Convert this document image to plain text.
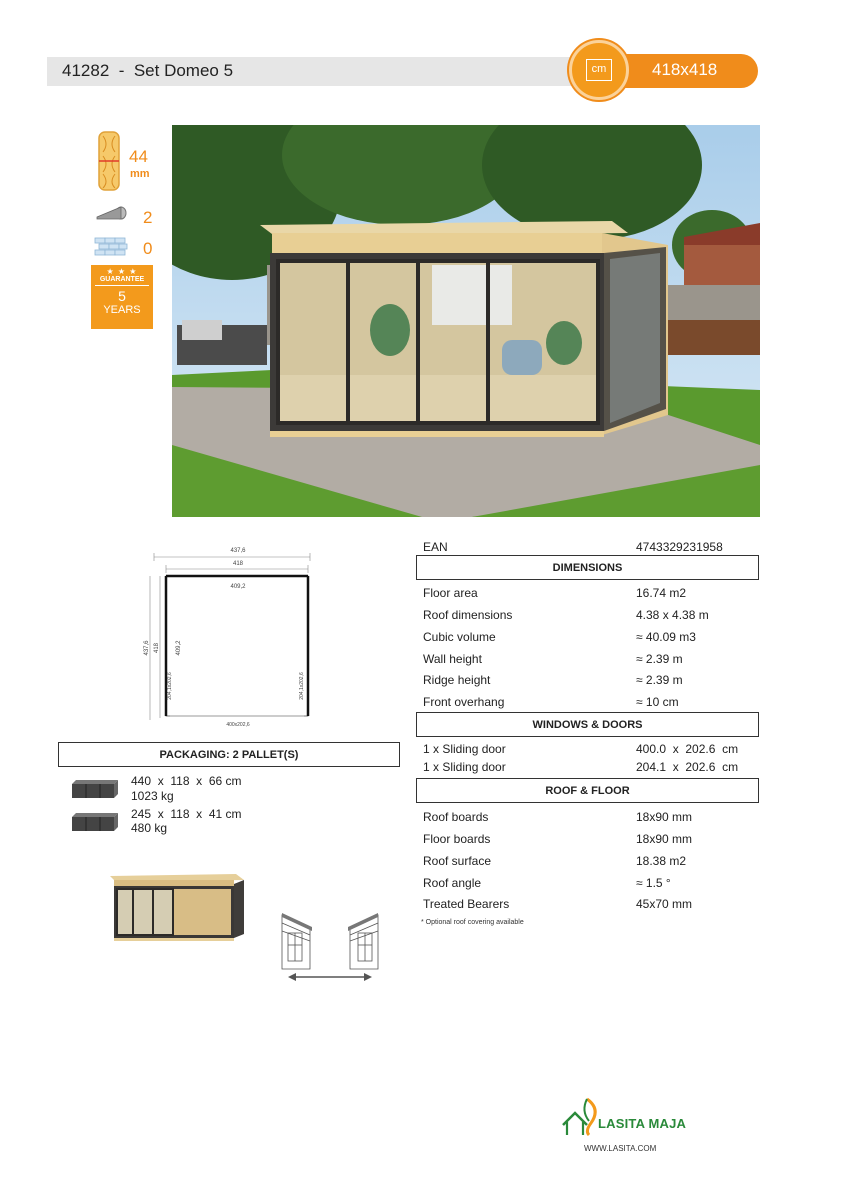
41282  -  Set Domeo 5	418x418
cm
44
mm
2
0
★ ★ ★
GUARANTEE
5
YEARS
437,6
418
409,2
437,6 418	409,2
204,1x202,6	204,1x202,6
400x202,6
PACKAGING: 2 PALLET(S)
440  x  118  x  66 cm
1023 kg
245  x  118  x  41 cm
480 kg
EAN	4743329231958
DIMENSIONS
Floor area	16.74 m2
Roof dimensions	4.38 x 4.38 m
Cubic volume	≈ 40.09 m3
Wall height	≈ 2.39 m
Ridge height	≈ 2.39 m
Front overhang	≈ 10 cm
WINDOWS & DOORS
1 x Sliding door	400.0  x  202.6  cm
1 x Sliding door	204.1  x  202.6  cm
ROOF & FLOOR
Roof boards	18x90 mm
Floor boards	18x90 mm
Roof surface	18.38 m2
Roof angle	≈ 1.5 °
Treated Bearers	45x70 mm
* Optional roof covering available
LASITA MAJA
WWW.LASITA.COM
